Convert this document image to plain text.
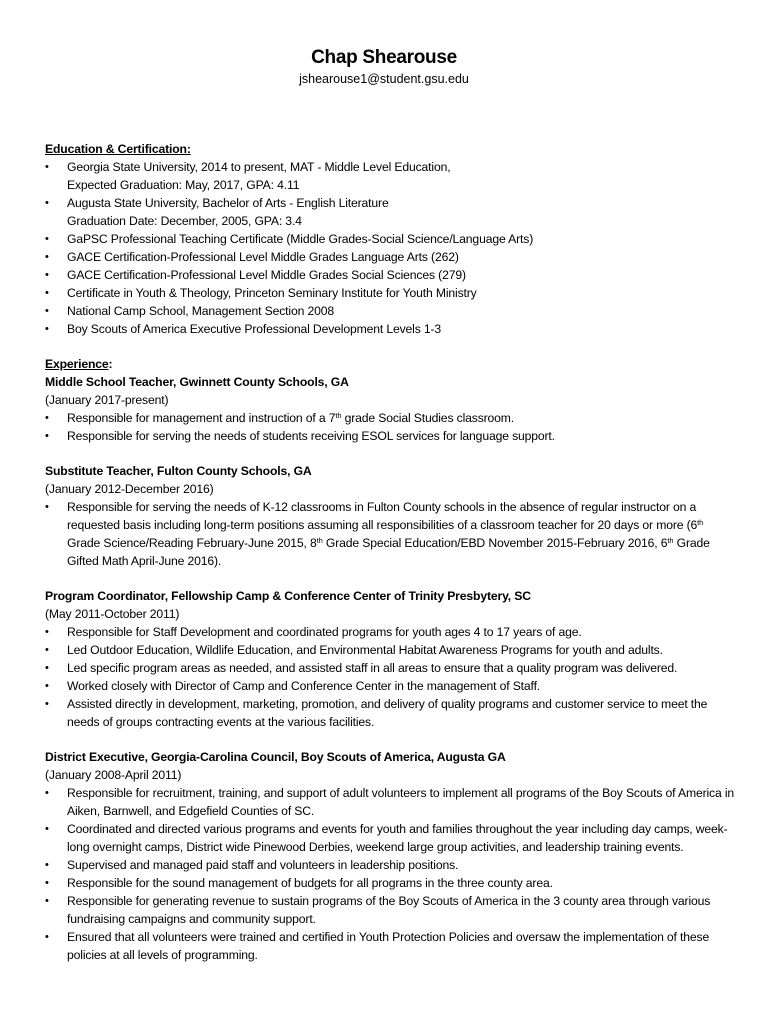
Chap Shearouse
jshearouse1@student.gsu.edu
Education & Certification:
• Georgia State University, 2014 to present, MAT - Middle Level Education,
Expected Graduation: May, 2017, GPA: 4.11
• Augusta State University, Bachelor of Arts - English Literature
Graduation Date: December, 2005, GPA: 3.4
• GaPSC Professional Teaching Certificate (Middle Grades-Social Science/Language Arts)
• GACE Certification-Professional Level Middle Grades Language Arts (262)
• GACE Certification-Professional Level Middle Grades Social Sciences (279)
• Certificate in Youth & Theology, Princeton Seminary Institute for Youth Ministry
• National Camp School, Management Section 2008
• Boy Scouts of America Executive Professional Development Levels 1-3
Experience:
Middle School Teacher, Gwinnett County Schools, GA
(January 2017-present)
• Responsible for management and instruction of a 7th grade Social Studies classroom.
• Responsible for serving the needs of students receiving ESOL services for language support.
Substitute Teacher, Fulton County Schools, GA
(January 2012-December 2016)
• Responsible for serving the needs of K-12 classrooms in Fulton County schools in the absence of regular instructor on a requested basis including long-term positions assuming all responsibilities of a classroom teacher for 20 days or more (6th Grade Science/Reading February-June 2015, 8th Grade Special Education/EBD November 2015-February 2016, 6th Grade Gifted Math April-June 2016).
Program Coordinator, Fellowship Camp & Conference Center of Trinity Presbytery, SC
(May 2011-October 2011)
• Responsible for Staff Development and coordinated programs for youth ages 4 to 17 years of age.
• Led Outdoor Education, Wildlife Education, and Environmental Habitat Awareness Programs for youth and adults.
• Led specific program areas as needed, and assisted staff in all areas to ensure that a quality program was delivered.
• Worked closely with Director of Camp and Conference Center in the management of Staff.
• Assisted directly in development, marketing, promotion, and delivery of quality programs and customer service to meet the needs of groups contracting events at the various facilities.
District Executive, Georgia-Carolina Council, Boy Scouts of America, Augusta GA
(January 2008-April 2011)
• Responsible for recruitment, training, and support of adult volunteers to implement all programs of the Boy Scouts of America in Aiken, Barnwell, and Edgefield Counties of SC.
• Coordinated and directed various programs and events for youth and families throughout the year including day camps, week-long overnight camps, District wide Pinewood Derbies, weekend large group activities, and leadership training events.
• Supervised and managed paid staff and volunteers in leadership positions.
• Responsible for the sound management of budgets for all programs in the three county area.
• Responsible for generating revenue to sustain programs of the Boy Scouts of America in the 3 county area through various fundraising campaigns and community support.
• Ensured that all volunteers were trained and certified in Youth Protection Policies and oversaw the implementation of these policies at all levels of programming.
